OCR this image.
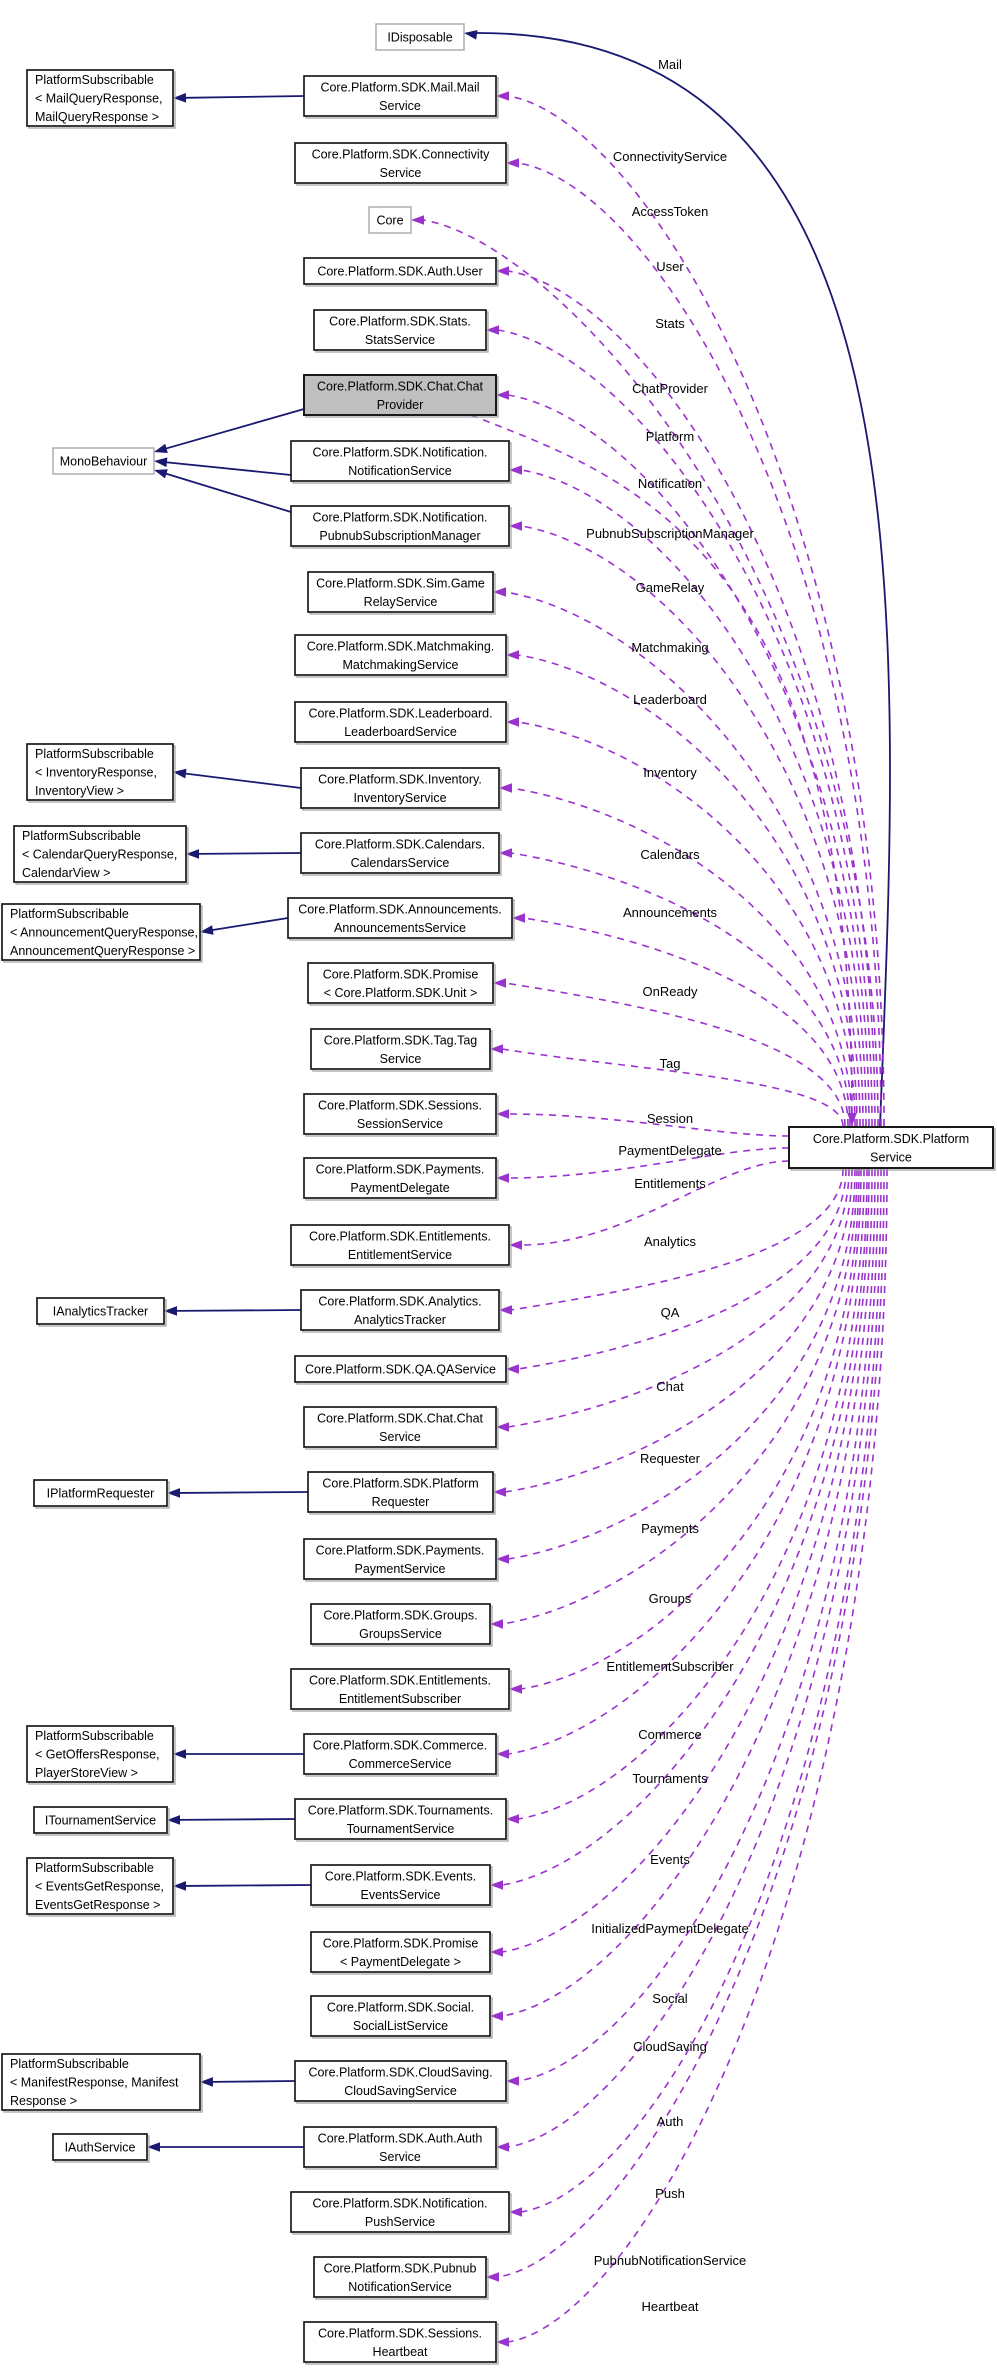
IDisposable
Core.Platform.SDK.Mail.Mail
Service
Core.Platform.SDK.Connectivity
Service
Core
Core.Platform.SDK.Auth.User
Core.Platform.SDK.Stats.
StatsService
Core.Platform.SDK.Chat.Chat
Provider
MonoBehaviour
Core.Platform.SDK.Notification.
NotificationService
Core.Platform.SDK.Notification.
PubnubSubscriptionManager
Core.Platform.SDK.Sim.Game
RelayService
Core.Platform.SDK.Matchmaking.
MatchmakingService
Core.Platform.SDK.Leaderboard.
LeaderboardService
PlatformSubscribable
< InventoryResponse,
InventoryView >
Core.Platform.SDK.Inventory.
InventoryService
PlatformSubscribable
< CalendarQueryResponse,
CalendarView >
Core.Platform.SDK.Calendars.
CalendarsService
PlatformSubscribable
< AnnouncementQueryResponse,
AnnouncementQueryResponse >
Core.Platform.SDK.Announcements.
AnnouncementsService
Core.Platform.SDK.Promise
< Core.Platform.SDK.Unit >
Core.Platform.SDK.Tag.Tag
Service
Core.Platform.SDK.Sessions.
SessionService
Core.Platform.SDK.Payments.
PaymentDelegate
Core.Platform.SDK.Entitlements.
EntitlementService
IAnalyticsTracker
Core.Platform.SDK.Analytics.
AnalyticsTracker
Core.Platform.SDK.QA.QAService
Core.Platform.SDK.Chat.Chat
Service
IPlatformRequester
Core.Platform.SDK.Platform
Requester
Core.Platform.SDK.Payments.
PaymentService
Core.Platform.SDK.Groups.
GroupsService
Core.Platform.SDK.Entitlements.
EntitlementSubscriber
PlatformSubscribable
< GetOffersResponse,
PlayerStoreView >
Core.Platform.SDK.Commerce.
CommerceService
ITournamentService
Core.Platform.SDK.Tournaments.
TournamentService
PlatformSubscribable
< EventsGetResponse,
EventsGetResponse >
Core.Platform.SDK.Events.
EventsService
Core.Platform.SDK.Promise
< PaymentDelegate >
Core.Platform.SDK.Social.
SocialListService
PlatformSubscribable
< ManifestResponse, Manifest
Response >
Core.Platform.SDK.CloudSaving.
CloudSavingService
IAuthService
Core.Platform.SDK.Auth.Auth
Service
Core.Platform.SDK.Notification.
PushService
Core.Platform.SDK.Pubnub
NotificationService
Core.Platform.SDK.Sessions.
Heartbeat
PlatformSubscribable
< MailQueryResponse,
MailQueryResponse >
Core.Platform.SDK.Platform
Service
Mail
ConnectivityService
AccessToken
User
Stats
ChatProvider
Notification
PubnubSubscriptionManager
GameRelay
Matchmaking
Leaderboard
Inventory
Calendars
Announcements
OnReady
Tag
Session
PaymentDelegate
Entitlements
Analytics
QA
Chat
Requester
Payments
Groups
EntitlementSubscriber
Commerce
Tournaments
Events
InitializedPaymentDelegate
Social
CloudSaving
Auth
Push
PubnubNotificationService
Heartbeat
Platform
